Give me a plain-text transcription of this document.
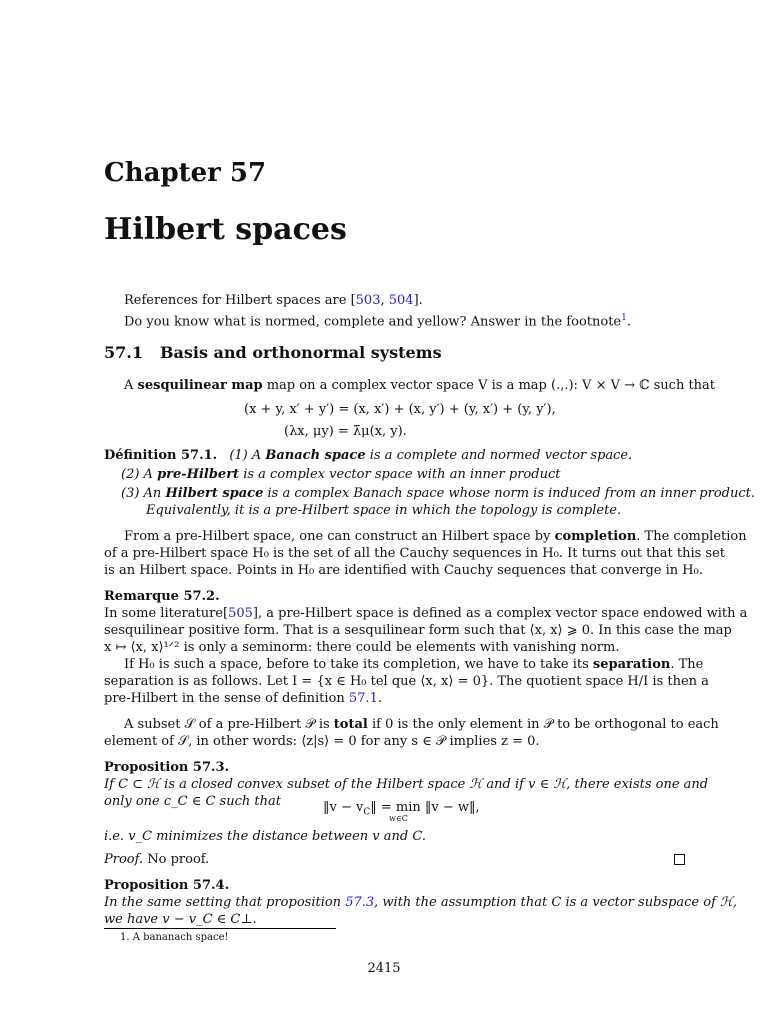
Chapter 57
Hilbert spaces
References for Hilbert spaces are [503, 504].
Do you know what is normed, complete and yellow? Answer in the footnote$^1$.
57.1 Basis and orthonormal systems
A sesquilinear map map on a complex vector space V is a map (.,.): V × V → ℂ such that
(x + y, x′ + y′) = (x, x′) + (x, y′) + (y, x′) + (y, y′),
(λx, μy) = λ̄μ(x, y).
Définition 57.1. (1) A Banach space is a complete and normed vector space.
(2) A pre-Hilbert is a complex vector space with an inner product
(3) An Hilbert space is a complex Banach space whose norm is induced from an inner product.
Equivalently, it is a pre-Hilbert space in which the topology is complete.
From a pre-Hilbert space, one can construct an Hilbert space by completion. The completion
of a pre-Hilbert space H₀ is the set of all the Cauchy sequences in H₀. It turns out that this set
is an Hilbert space. Points in H₀ are identified with Cauchy sequences that converge in H₀.
Remarque 57.2.
In some literature[505], a pre-Hilbert space is defined as a complex vector space endowed with a
sesquilinear positive form. That is a sesquilinear form such that ⟨x, x⟩ ⩾ 0. In this case the map
x ↦ ⟨x, x⟩¹ᐟ² is only a seminorm: there could be elements with vanishing norm.
If H₀ is such a space, before to take its completion, we have to take its separation. The
separation is as follows. Let I = {x ∈ H₀ tel que ⟨x, x⟩ = 0}. The quotient space H/I is then a
pre-Hilbert in the sense of definition 57.1.
A subset 𝒮 of a pre-Hilbert 𝒫 is total if 0 is the only element in 𝒫 to be orthogonal to each
element of 𝒮, in other words: ⟨z|s⟩ = 0 for any s ∈ 𝒫 implies z = 0.
Proposition 57.3.
If C ⊂ ℋ is a closed convex subset of the Hilbert space ℋ and if v ∈ ℋ, there exists one and
only one c_C ∈ C such that	‖v − $v_C‖ = \min$ ‖v − w‖,
w∈C
i.e. v_C minimizes the distance between v and C.
Proof. No proof.
Proposition 57.4.
In the same setting that proposition 57.3, with the assumption that C is a vector subspace of ℋ,
we have v − v_C ∈ C⊥.
1. A bananach space!
2415
